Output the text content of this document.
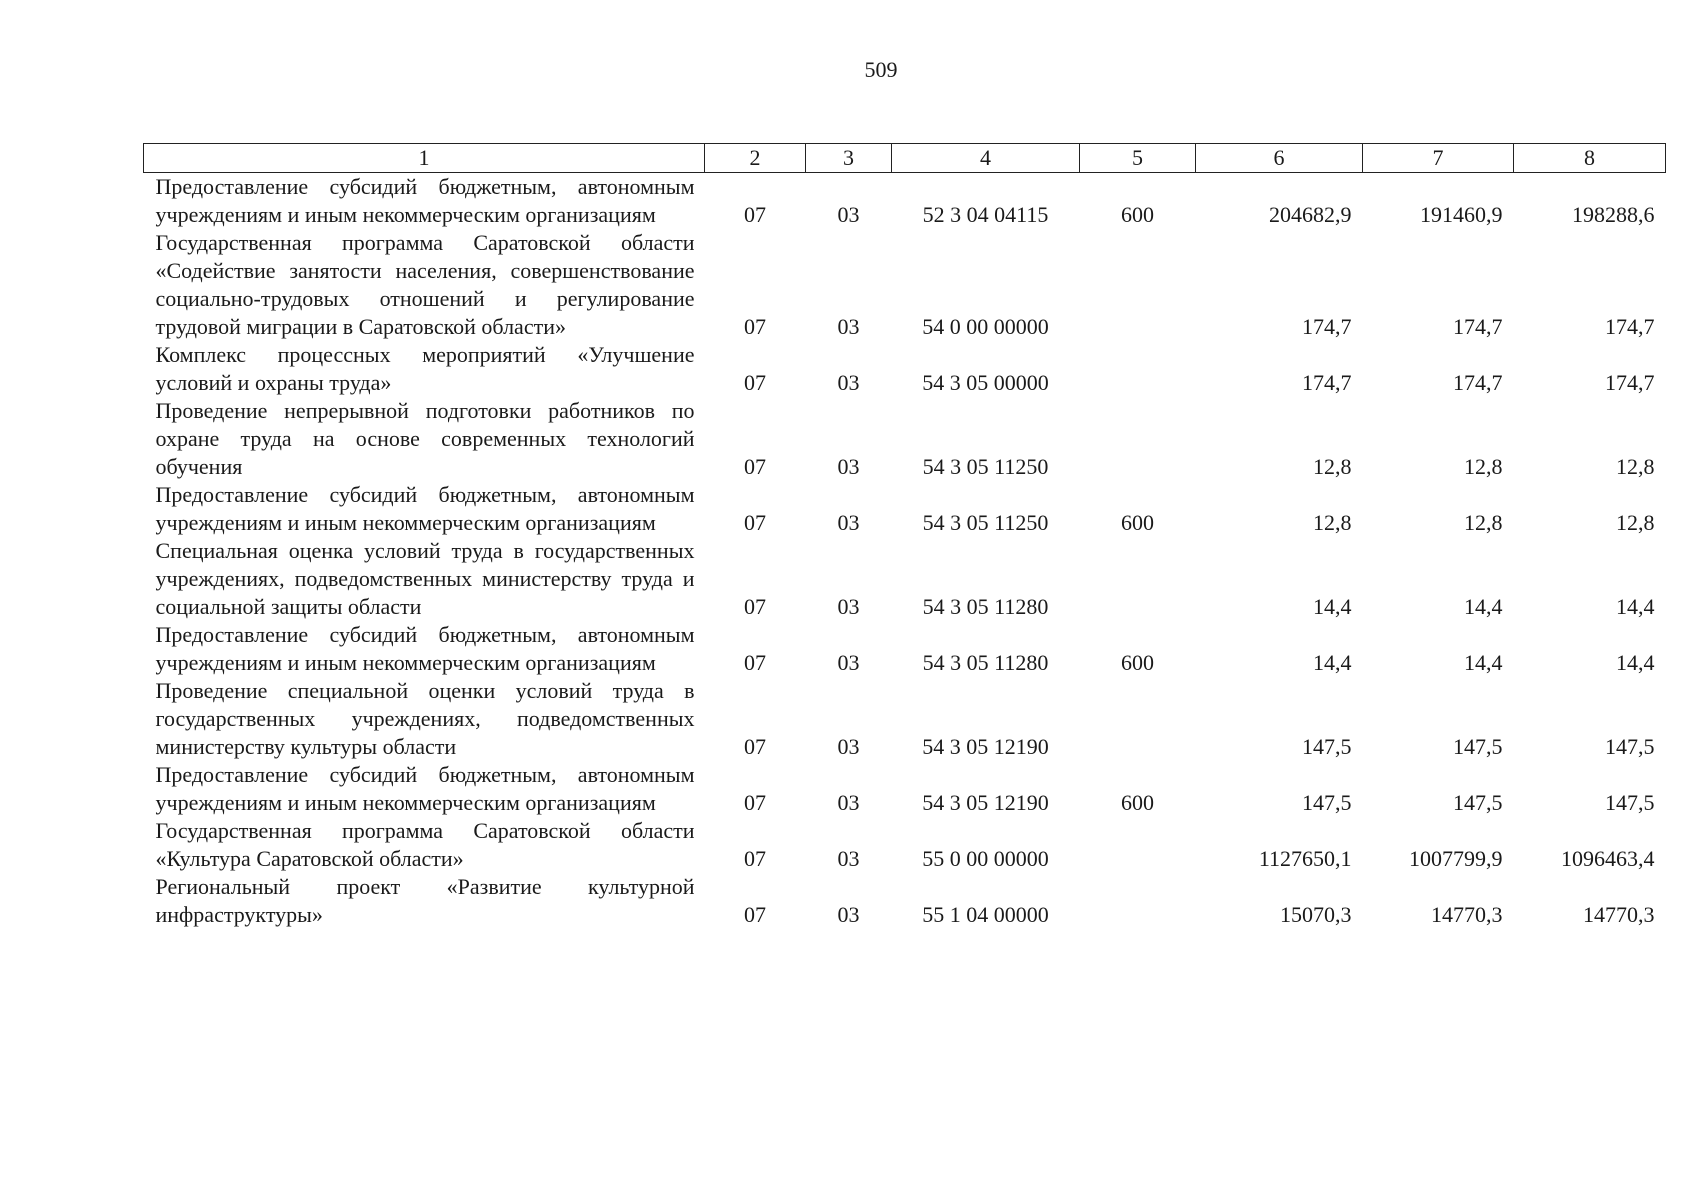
509
1	2	3	4	5	6	7	8
Предоставление субсидий бюджетным, автономным учреждениям и иным некоммерческим организациям	07	03	52 3 04 04115	600	204682,9	191460,9	198288,6
Государственная программа Саратовской области «Содействие занятости населения, совершенствование социально-трудовых отношений и регулирование трудовой миграции в Саратовской области»	07	03	54 0 00 00000		174,7	174,7	174,7
Комплекс процессных мероприятий «Улучшение условий и охраны труда»	07	03	54 3 05 00000		174,7	174,7	174,7
Проведение непрерывной подготовки работников по охране труда на основе современных технологий обучения	07	03	54 3 05 11250		12,8	12,8	12,8
Предоставление субсидий бюджетным, автономным учреждениям и иным некоммерческим организациям	07	03	54 3 05 11250	600	12,8	12,8	12,8
Специальная оценка условий труда в государственных учреждениях, подведомственных министерству труда и социальной защиты области	07	03	54 3 05 11280		14,4	14,4	14,4
Предоставление субсидий бюджетным, автономным учреждениям и иным некоммерческим организациям	07	03	54 3 05 11280	600	14,4	14,4	14,4
Проведение специальной оценки условий труда в государственных учреждениях, подведомственных министерству культуры области	07	03	54 3 05 12190		147,5	147,5	147,5
Предоставление субсидий бюджетным, автономным учреждениям и иным некоммерческим организациям	07	03	54 3 05 12190	600	147,5	147,5	147,5
Государственная программа Саратовской области «Культура Саратовской области»	07	03	55 0 00 00000		1127650,1	1007799,9	1096463,4
Региональный проект «Развитие культурной инфраструктуры»	07	03	55 1 04 00000		15070,3	14770,3	14770,3
